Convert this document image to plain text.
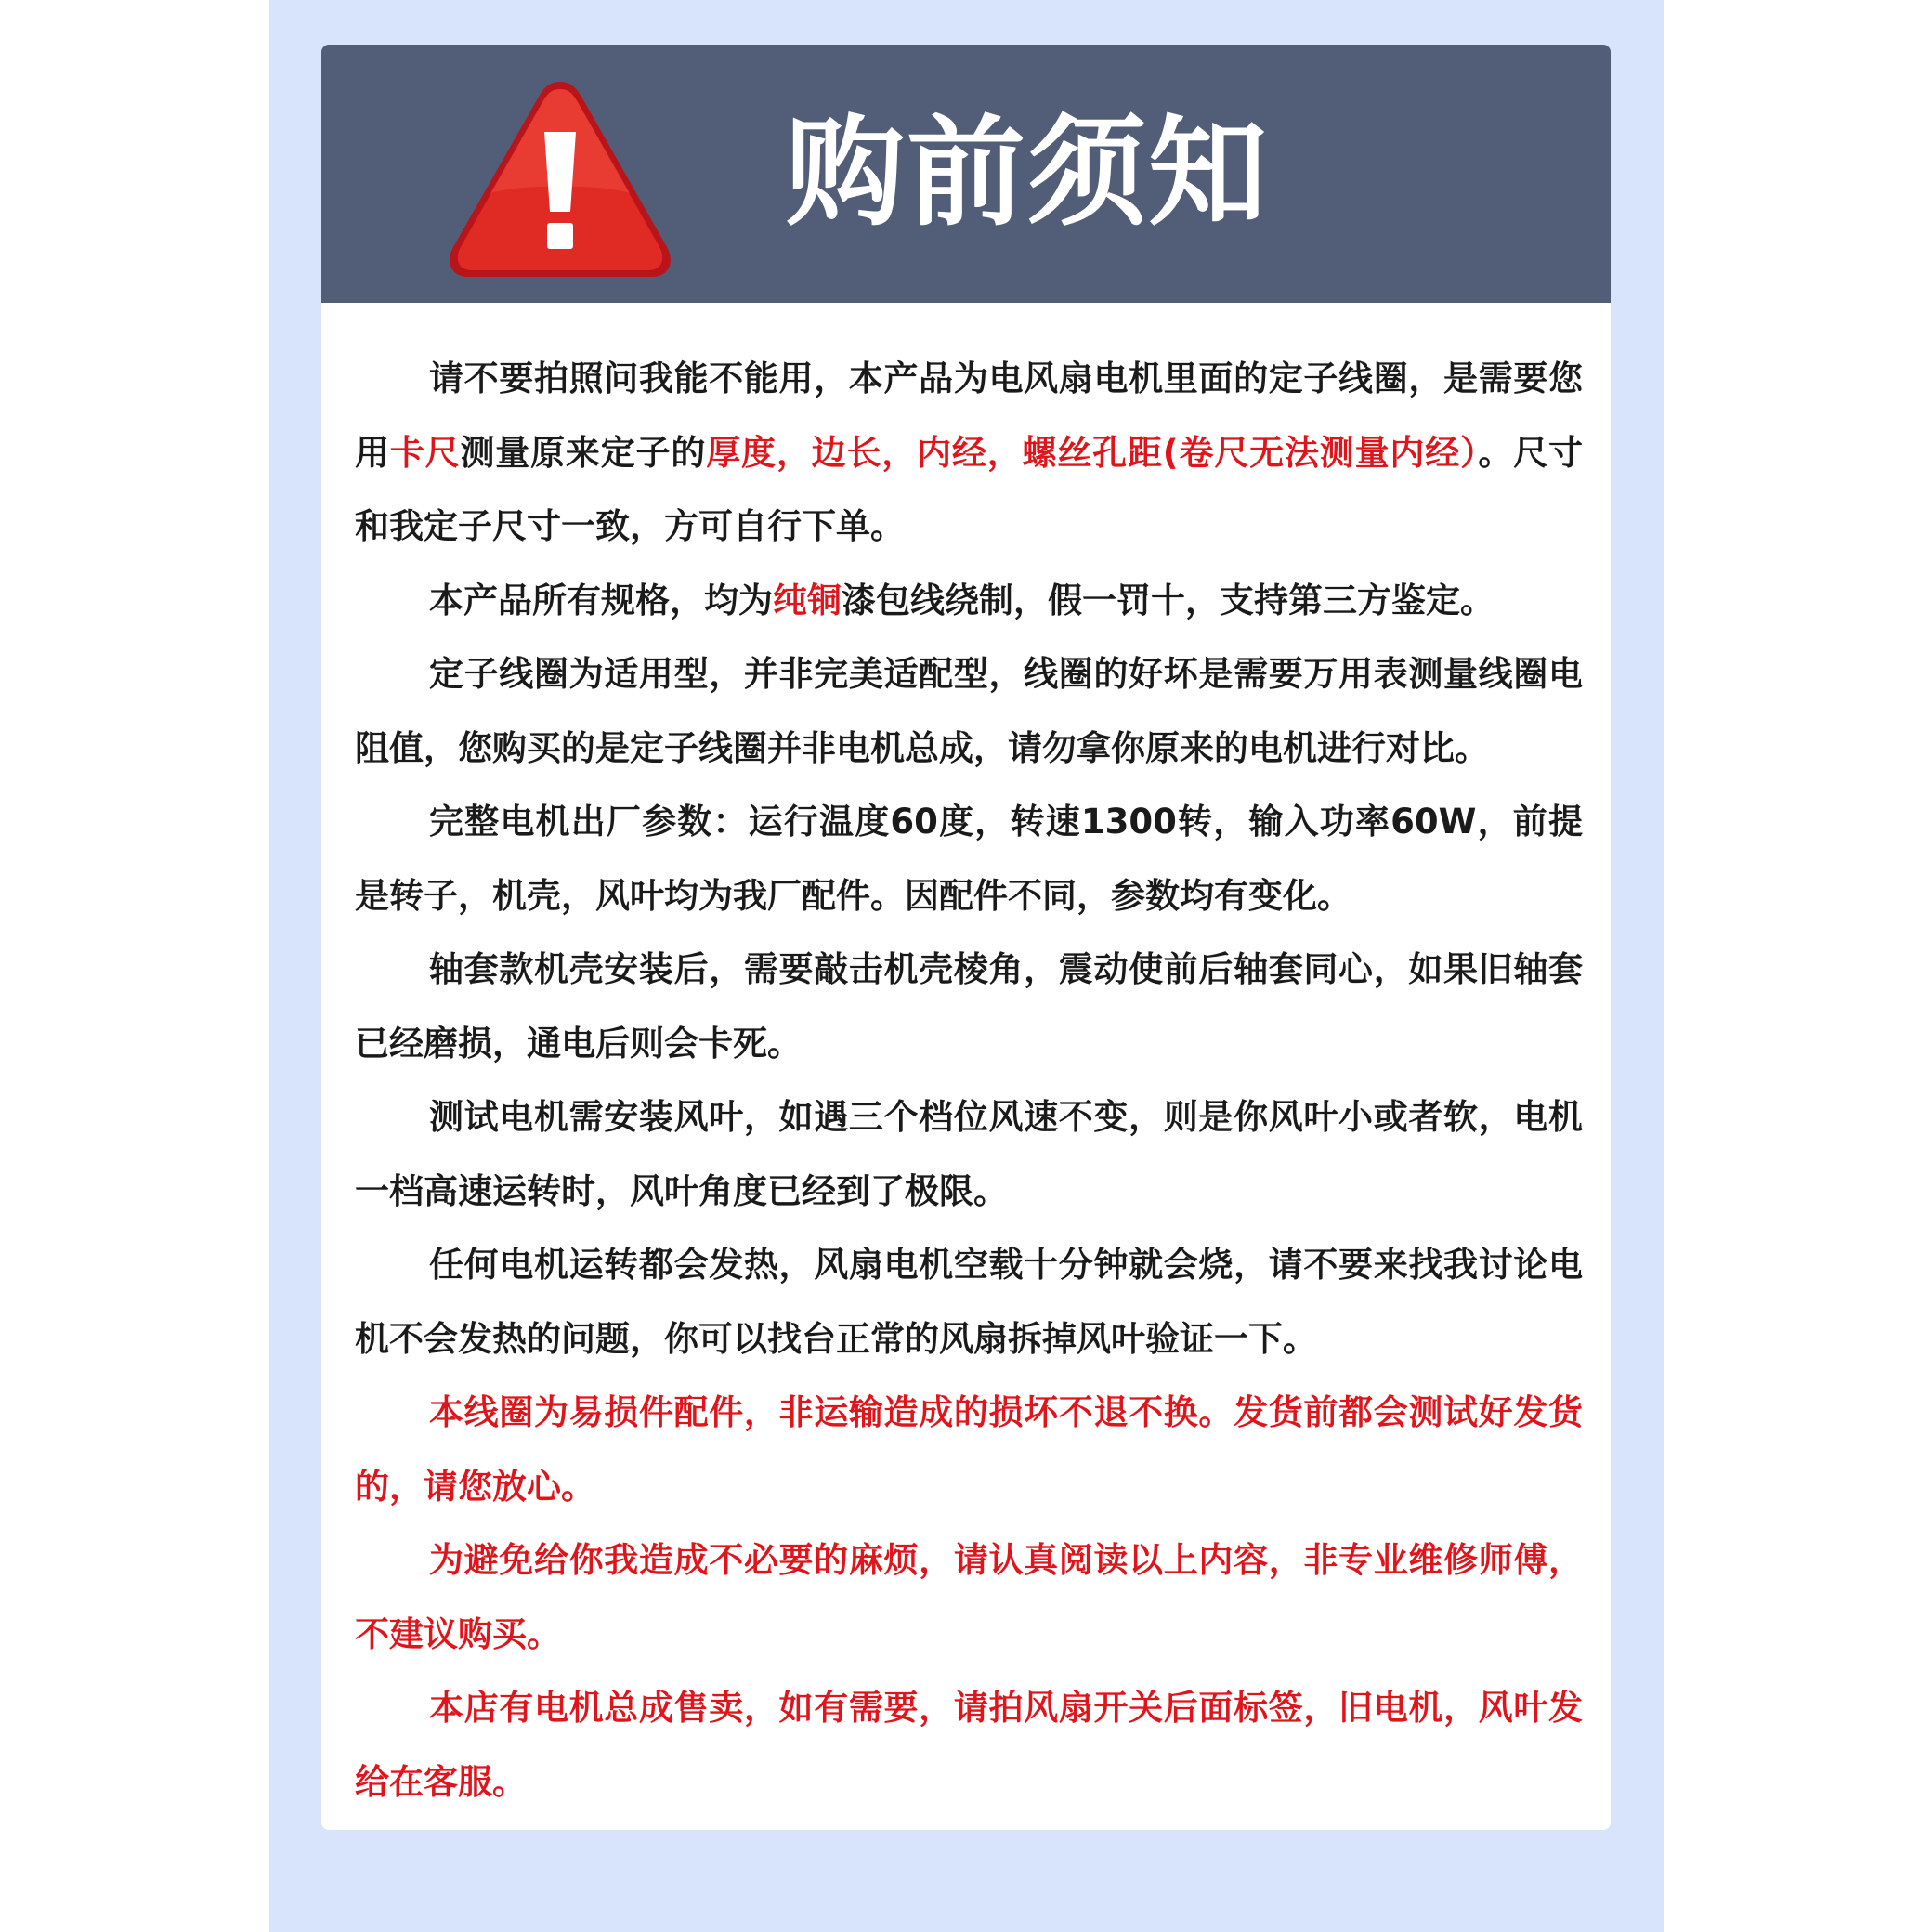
购前须知

请不要拍照问我能不能用，本产品为电风扇电机里面的定子线圈，是需要您用卡尺测量原来定子的厚度，边长，内经，螺丝孔距(卷尺无法测量内经）。尺寸和我定子尺寸一致，方可自行下单。

本产品所有规格，均为纯铜漆包线绕制，假一罚十，支持第三方鉴定。

定子线圈为适用型，并非完美适配型，线圈的好坏是需要万用表测量线圈电阻值，您购买的是定子线圈并非电机总成，请勿拿你原来的电机进行对比。

完整电机出厂参数：运行温度60度，转速1300转，输入功率60W，前提是转子，机壳，风叶均为我厂配件。因配件不同，参数均有变化。

轴套款机壳安装后，需要敲击机壳棱角，震动使前后轴套同心，如果旧轴套已经磨损，通电后则会卡死。

测试电机需安装风叶，如遇三个档位风速不变，则是你风叶小或者软，电机一档高速运转时，风叶角度已经到了极限。

任何电机运转都会发热，风扇电机空载十分钟就会烧，请不要来找我讨论电机不会发热的问题，你可以找台正常的风扇拆掉风叶验证一下。

本线圈为易损件配件，非运输造成的损坏不退不换。发货前都会测试好发货的，请您放心。

为避免给你我造成不必要的麻烦，请认真阅读以上内容，非专业维修师傅，不建议购买。

本店有电机总成售卖，如有需要，请拍风扇开关后面标签，旧电机，风叶发给在客服。
